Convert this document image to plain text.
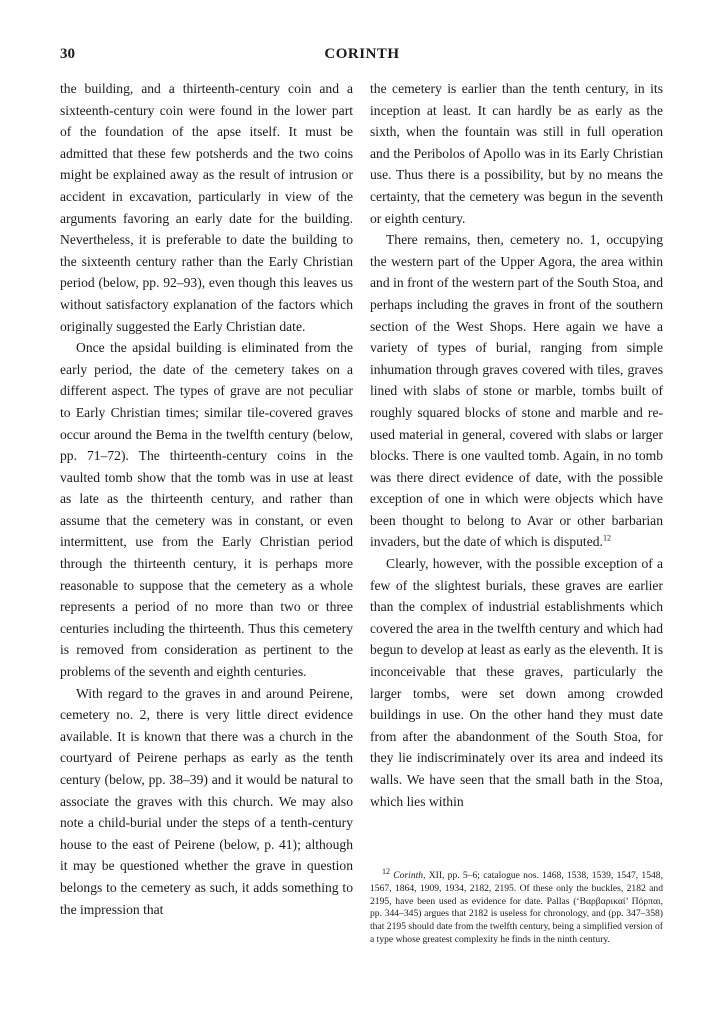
30	CORINTH

the building, and a thirteenth-century coin and a sixteenth-century coin were found in the lower part of the foundation of the apse itself. It must be admitted that these few potsherds and the two coins might be explained away as the result of intrusion or accident in excavation, particularly in view of the arguments favoring an early date for the building. Nevertheless, it is preferable to date the building to the sixteenth century rather than the Early Christian period (below, pp. 92–93), even though this leaves us without satisfactory explanation of the factors which originally suggested the Early Christian date.

Once the apsidal building is eliminated from the early period, the date of the cemetery takes on a different aspect. The types of grave are not peculiar to Early Christian times; similar tile-covered graves occur around the Bema in the twelfth century (below, pp. 71–72). The thirteenth-century coins in the vaulted tomb show that the tomb was in use at least as late as the thirteenth century, and rather than assume that the cemetery was in constant, or even intermittent, use from the Early Christian period through the thirteenth century, it is perhaps more reasonable to suppose that the cemetery as a whole represents a period of no more than two or three centuries including the thirteenth. Thus this cemetery is removed from consideration as pertinent to the problems of the seventh and eighth centuries.

With regard to the graves in and around Peirene, cemetery no. 2, there is very little direct evidence available. It is known that there was a church in the courtyard of Peirene perhaps as early as the tenth century (below, pp. 38–39) and it would be natural to associate the graves with this church. We may also note a child-burial under the steps of a tenth-century house to the east of Peirene (below, p. 41); although it may be questioned whether the grave in question belongs to the cemetery as such, it adds something to the impression that

the cemetery is earlier than the tenth century, in its inception at least. It can hardly be as early as the sixth, when the fountain was still in full operation and the Peribolos of Apollo was in its Early Christian use. Thus there is a possibility, but by no means the certainty, that the cemetery was begun in the seventh or eighth century.

There remains, then, cemetery no. 1, occupying the western part of the Upper Agora, the area within and in front of the western part of the South Stoa, and perhaps including the graves in front of the southern section of the West Shops. Here again we have a variety of types of burial, ranging from simple inhumation through graves covered with tiles, graves lined with slabs of stone or marble, tombs built of roughly squared blocks of stone and marble and re-used material in general, covered with slabs or larger blocks. There is one vaulted tomb. Again, in no tomb was there direct evidence of date, with the possible exception of one in which were objects which have been thought to belong to Avar or other barbarian invaders, but the date of which is disputed.$^{12}$

Clearly, however, with the possible exception of a few of the slightest burials, these graves are earlier than the complex of industrial establishments which covered the area in the twelfth century and which had begun to develop at least as early as the eleventh. It is inconceivable that these graves, particularly the larger tombs, were set down among crowded buildings in use. On the other hand they must date from after the abandonment of the South Stoa, for they lie indiscriminately over its area and indeed its walls. We have seen that the small bath in the Stoa, which lies within

$^{12}$ Corinth, XII, pp. 5–6; catalogue nos. 1468, 1538, 1539, 1547, 1548, 1567, 1864, 1909, 1934, 2182, 2195. Of these only the buckles, 2182 and 2195, have been used as evidence for date. Pallas (‘Βαρβαρικαί’ Πόρπαι, pp. 344–345) argues that 2182 is useless for chronology, and (pp. 347–358) that 2195 should date from the twelfth century, being a simplified version of a type whose greatest complexity he finds in the ninth century.
